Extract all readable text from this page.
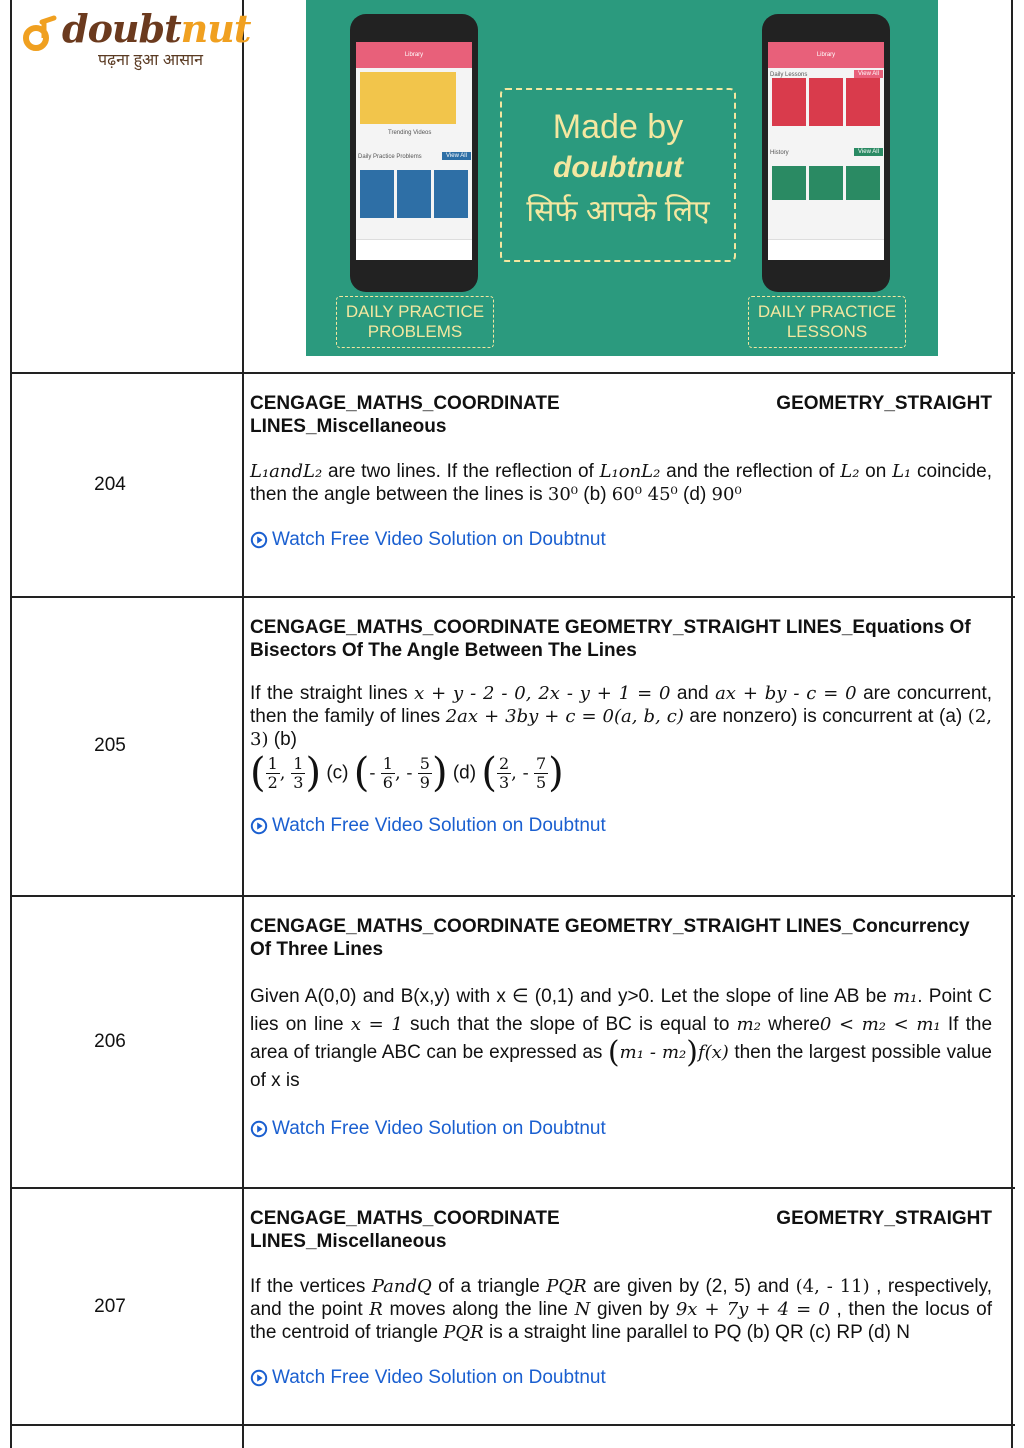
doubtnut
पढ़ना हुआ आसान	Library
Trending Videos
Daily Practice Problems	View All
Made by
doubtnut
सिर्फ आपके लिए
Library
Daily Lessons	View All
History	View All
DAILY PRACTICE PROBLEMS
DAILY PRACTICE LESSONS
204
CENGAGE_MATHS_COORDINATE	GEOMETRY_STRAIGHT
LINES_Miscellaneous
L₁andL₂ are two lines. If the reflection of L₁onL₂ and the reflection of L₂ on L₁ coincide, then the angle between the lines is 30⁰ (b) 60⁰ 45⁰ (d) 90⁰
Watch Free Video Solution on Doubtnut
205
CENGAGE_MATHS_COORDINATE GEOMETRY_STRAIGHT LINES_Equations Of Bisectors Of The Angle Between The Lines
If the straight lines x + y - 2 - 0, 2x - y + 1 = 0 and ax + by - c = 0 are concurrent, then the family of lines 2ax + 3by + c = 0(a, b, c) are nonzero) is concurrent at (a) (2, 3) (b)
( $\frac{1}{2}$ , $\frac{1}{3}$ ) (c) (- $\frac{1}{6}$ , - $\frac{5}{9}$ ) (d) ( $\frac{2}{3}$ , - $\frac{7}{5}$ )
Watch Free Video Solution on Doubtnut
206
CENGAGE_MATHS_COORDINATE GEOMETRY_STRAIGHT LINES_Concurrency Of Three Lines
Given A(0,0) and B(x,y) with x ∈ (0,1) and y>0. Let the slope of line AB be m₁. Point C lies on line x = 1 such that the slope of BC is equal to m₂ where0 < m₂ < m₁ If the area of triangle ABC can be expressed as (m₁ - m₂)f(x) then the largest possible value of x is
Watch Free Video Solution on Doubtnut
207
CENGAGE_MATHS_COORDINATE	GEOMETRY_STRAIGHT
LINES_Miscellaneous
If the vertices PandQ of a triangle PQR are given by (2, 5) and (4, - 11) , respectively, and the point R moves along the line N given by 9x + 7y + 4 = 0 , then the locus of the centroid of triangle PQR is a straight line parallel to PQ (b) QR (c) RP (d) N
Watch Free Video Solution on Doubtnut
